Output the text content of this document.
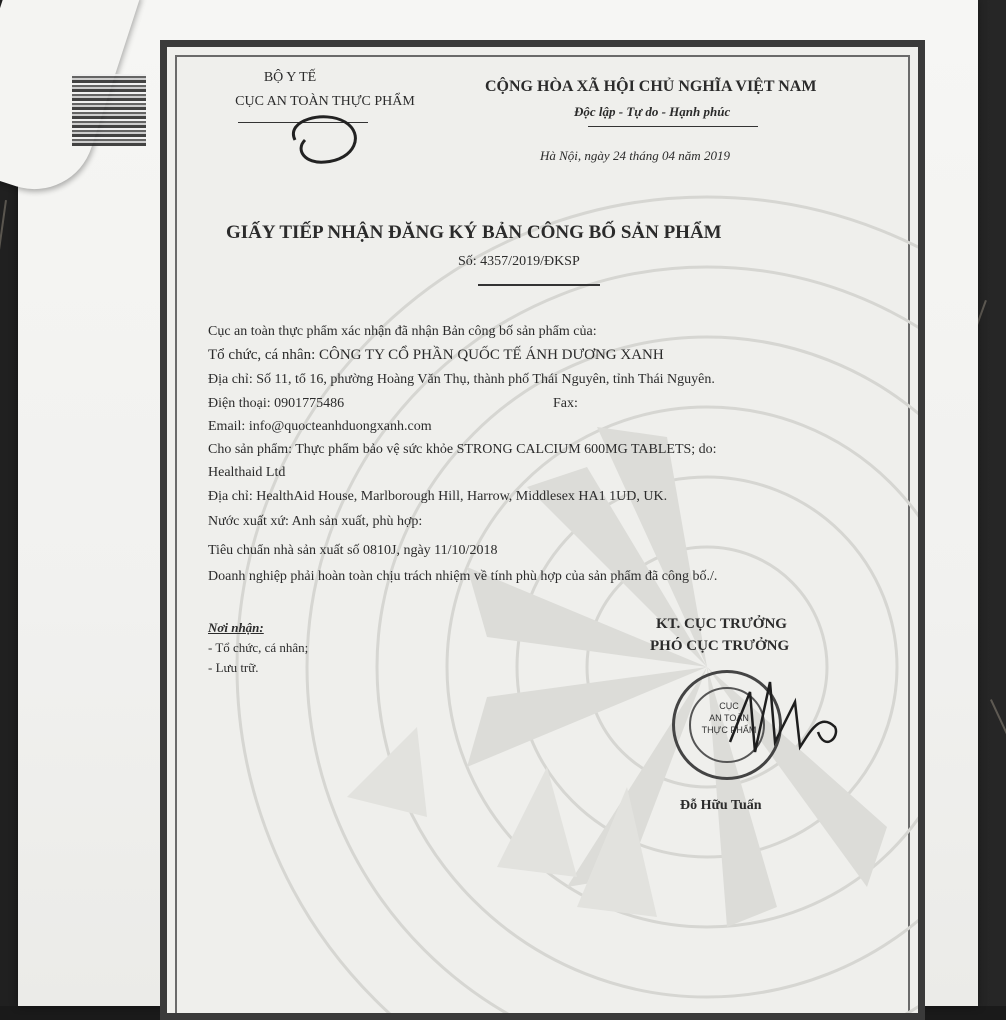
BỘ Y TẾ
CỤC AN TOÀN THỰC PHẨM
CỘNG HÒA XÃ HỘI CHỦ NGHĨA VIỆT NAM
Độc lập - Tự do - Hạnh phúc
Hà Nội, ngày 24 tháng 04 năm 2019
GIẤY TIẾP NHẬN ĐĂNG KÝ BẢN CÔNG BỐ SẢN PHẨM
Số: 4357/2019/ĐKSP
Cục an toàn thực phẩm xác nhận đã nhận Bản công bố sản phẩm của:
Tổ chức, cá nhân: CÔNG TY CỔ PHẦN QUỐC TẾ ÁNH DƯƠNG XANH
Địa chỉ: Số 11, tổ 16, phường Hoàng Văn Thụ, thành phố Thái Nguyên, tỉnh Thái Nguyên.
Điện thoại: 0901775486	Fax:
Email: info@quocteanhduongxanh.com
Cho sản phẩm: Thực phẩm bảo vệ sức khỏe STRONG CALCIUM 600MG TABLETS; do:
Healthaid Ltd
Địa chỉ: HealthAid House, Marlborough Hill, Harrow, Middlesex HA1 1UD, UK.
Nước xuất xứ: Anh sản xuất, phù hợp:
Tiêu chuẩn nhà sản xuất số 0810J, ngày 11/10/2018
Doanh nghiệp phải hoàn toàn chịu trách nhiệm về tính phù hợp của sản phẩm đã công bố./.
Nơi nhận:
- Tổ chức, cá nhân;
- Lưu trữ.
KT. CỤC TRƯỞNG
PHÓ CỤC TRƯỞNG
CỤC
AN TOÀN
THỰC PHẨM
Đỗ Hữu Tuấn
